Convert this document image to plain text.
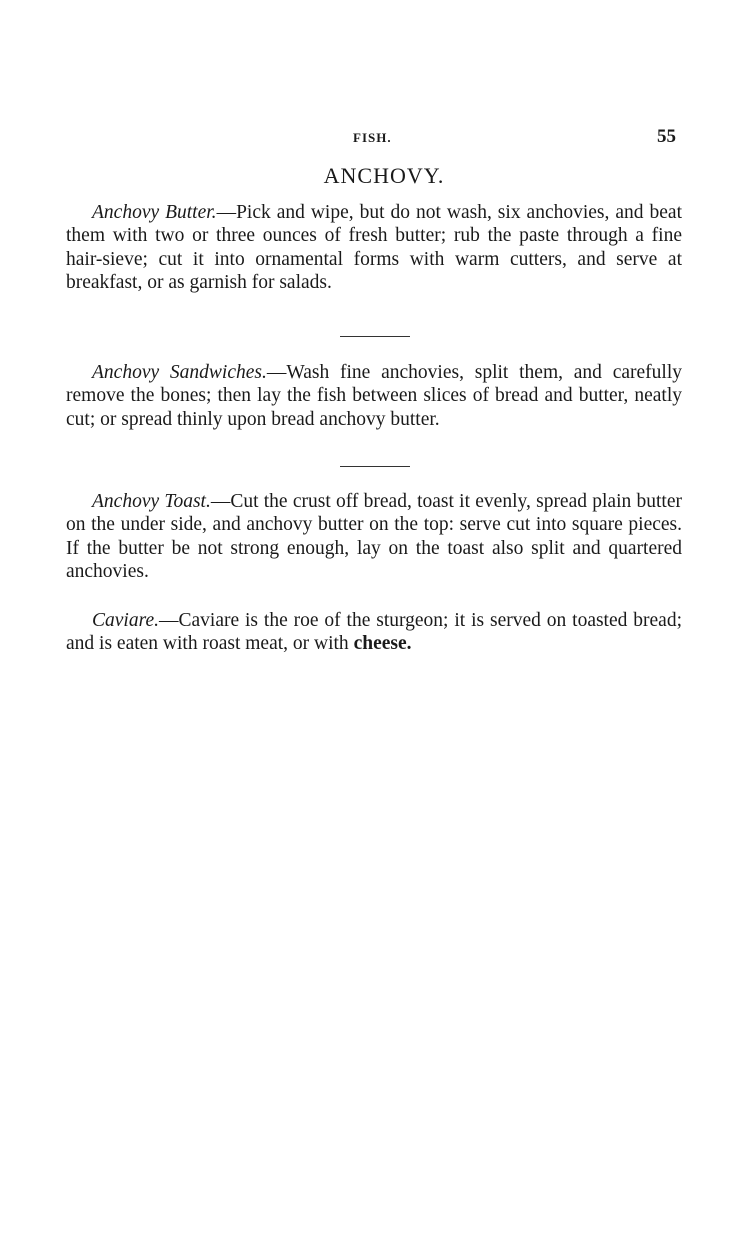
FISH.	55
ANCHOVY.

Anchovy Butter.—Pick and wipe, but do not wash, six anchovies, and beat them with two or three ounces of fresh butter; rub the paste through a fine hair-sieve; cut it into ornamental forms with warm cutters, and serve at breakfast, or as garnish for salads.

Anchovy Sandwiches.—Wash fine anchovies, split them, and carefully remove the bones; then lay the fish between slices of bread and butter, neatly cut; or spread thinly upon bread anchovy butter.

Anchovy Toast.—Cut the crust off bread, toast it evenly, spread plain butter on the under side, and anchovy butter on the top: serve cut into square pieces. If the butter be not strong enough, lay on the toast also split and quartered anchovies.

Caviare.—Caviare is the roe of the sturgeon; it is served on toasted bread; and is eaten with roast meat, or with cheese.
